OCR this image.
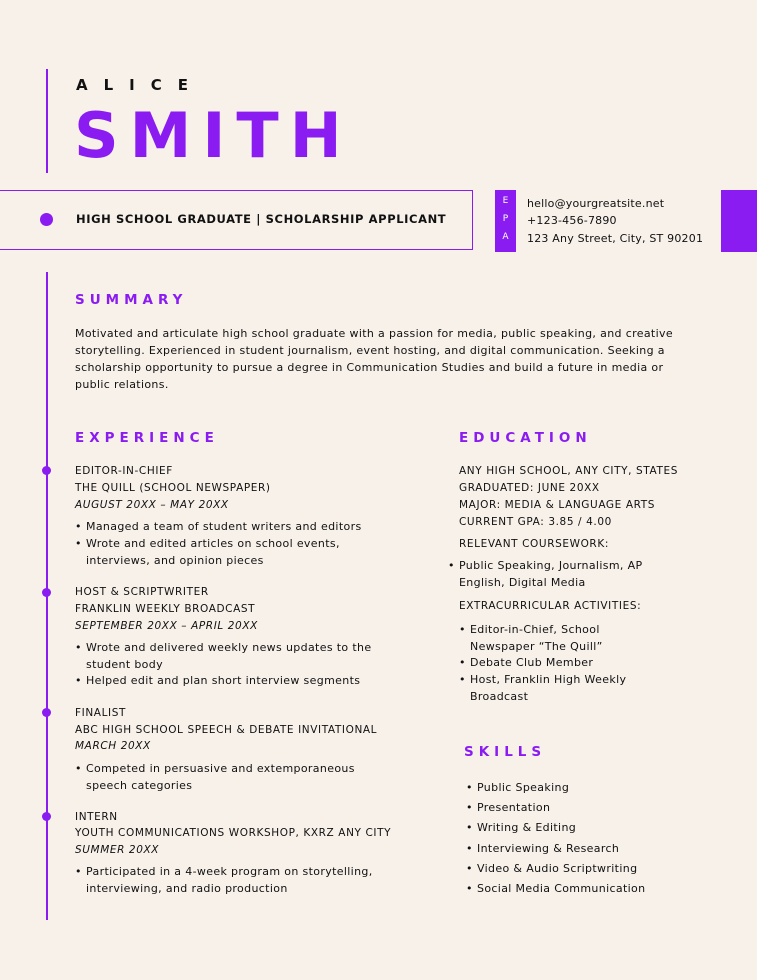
ALICE
SMITH
HIGH SCHOOL GRADUATE | SCHOLARSHIP APPLICANT
E
P
A
hello@yourgreatsite.net
+123-456-7890
123 Any Street, City, ST 90201
SUMMARY
Motivated and articulate high school graduate with a passion for media, public speaking, and creative storytelling. Experienced in student journalism, event hosting, and digital communication. Seeking a scholarship opportunity to pursue a degree in Communication Studies and build a future in media or public relations.
EXPERIENCE
EDITOR-IN-CHIEF
THE QUILL (SCHOOL NEWSPAPER)
AUGUST 20XX – MAY 20XX
• Managed a team of student writers and editors
• Wrote and edited articles on school events, interviews, and opinion pieces
HOST & SCRIPTWRITER
FRANKLIN WEEKLY BROADCAST
SEPTEMBER 20XX – APRIL 20XX
• Wrote and delivered weekly news updates to the student body
• Helped edit and plan short interview segments
FINALIST
ABC HIGH SCHOOL SPEECH & DEBATE INVITATIONAL
MARCH 20XX
• Competed in persuasive and extemporaneous speech categories
INTERN
YOUTH COMMUNICATIONS WORKSHOP, KXRZ ANY CITY
SUMMER 20XX
• Participated in a 4-week program on storytelling, interviewing, and radio production
EDUCATION
ANY HIGH SCHOOL, ANY CITY, STATES
GRADUATED: JUNE 20XX
MAJOR: MEDIA & LANGUAGE ARTS
CURRENT GPA: 3.85 / 4.00
RELEVANT COURSEWORK:
• Public Speaking, Journalism, AP English, Digital Media
EXTRACURRICULAR ACTIVITIES:
• Editor-in-Chief, School Newspaper “The Quill”
• Debate Club Member
• Host, Franklin High Weekly Broadcast
SKILLS
• Public Speaking
• Presentation
• Writing & Editing
• Interviewing & Research
• Video & Audio Scriptwriting
• Social Media Communication
